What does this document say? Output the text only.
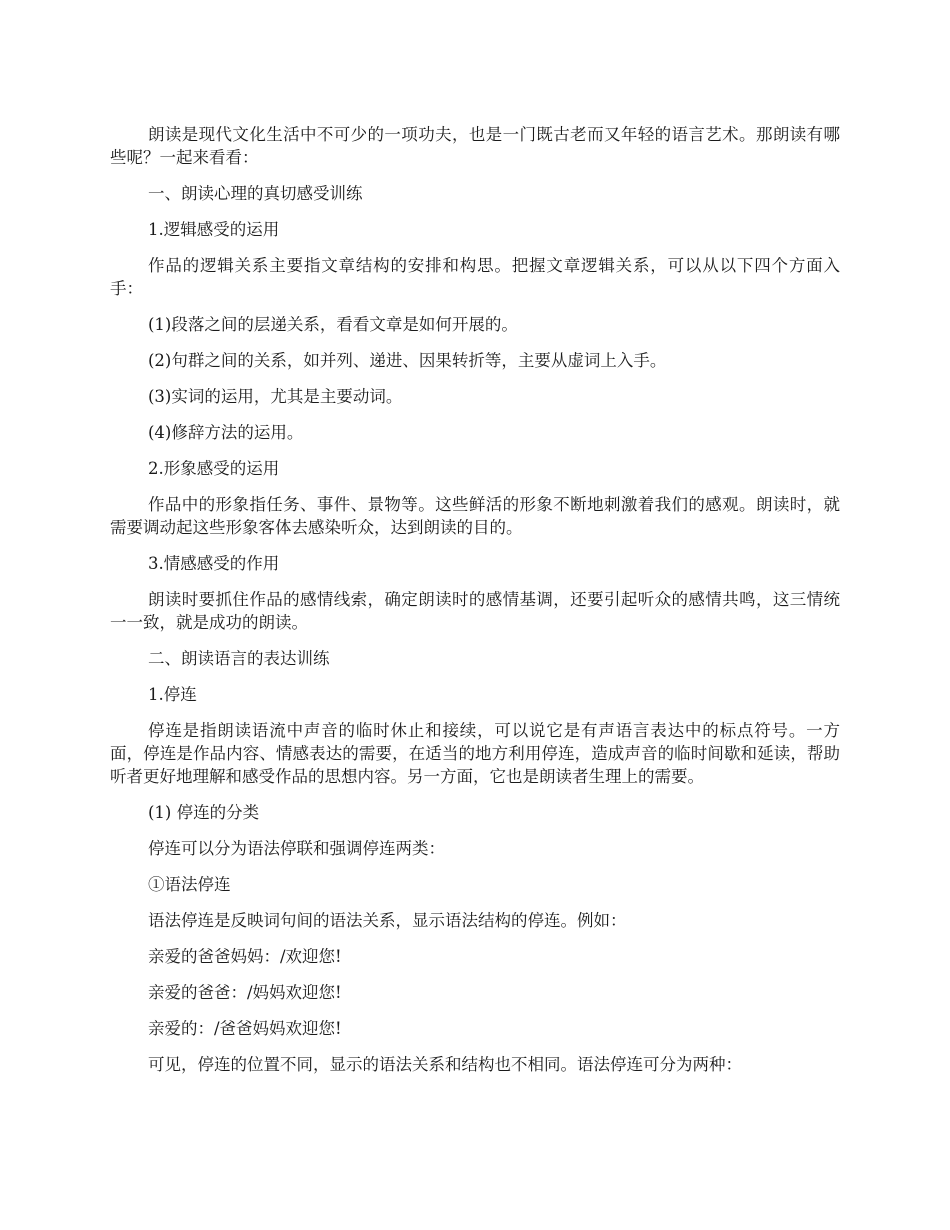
朗读是现代文化生活中不可少的一项功夫，也是一门既古老而又年轻的语言艺术。那朗读有哪些呢？一起来看看：

一、朗读心理的真切感受训练

1.逻辑感受的运用

作品的逻辑关系主要指文章结构的安排和构思。把握文章逻辑关系，可以从以下四个方面入手：

(1)段落之间的层递关系，看看文章是如何开展的。

(2)句群之间的关系，如并列、递进、因果转折等，主要从虚词上入手。

(3)实词的运用，尤其是主要动词。

(4)修辞方法的运用。

2.形象感受的运用

作品中的形象指任务、事件、景物等。这些鲜活的形象不断地刺激着我们的感观。朗读时，就需要调动起这些形象客体去感染听众，达到朗读的目的。

3.情感感受的作用

朗读时要抓住作品的感情线索，确定朗读时的感情基调，还要引起听众的感情共鸣，这三情统一一致，就是成功的朗读。

二、朗读语言的表达训练

1.停连

停连是指朗读语流中声音的临时休止和接续，可以说它是有声语言表达中的标点符号。一方面，停连是作品内容、情感表达的需要，在适当的地方利用停连，造成声音的临时间歇和延读，帮助听者更好地理解和感受作品的思想内容。另一方面，它也是朗读者生理上的需要。

(1) 停连的分类

停连可以分为语法停联和强调停连两类：

①语法停连

语法停连是反映词句间的语法关系，显示语法结构的停连。例如：

亲爱的爸爸妈妈：/欢迎您!

亲爱的爸爸：/妈妈欢迎您!

亲爱的：/爸爸妈妈欢迎您!

可见，停连的位置不同，显示的语法关系和结构也不相同。语法停连可分为两种：
